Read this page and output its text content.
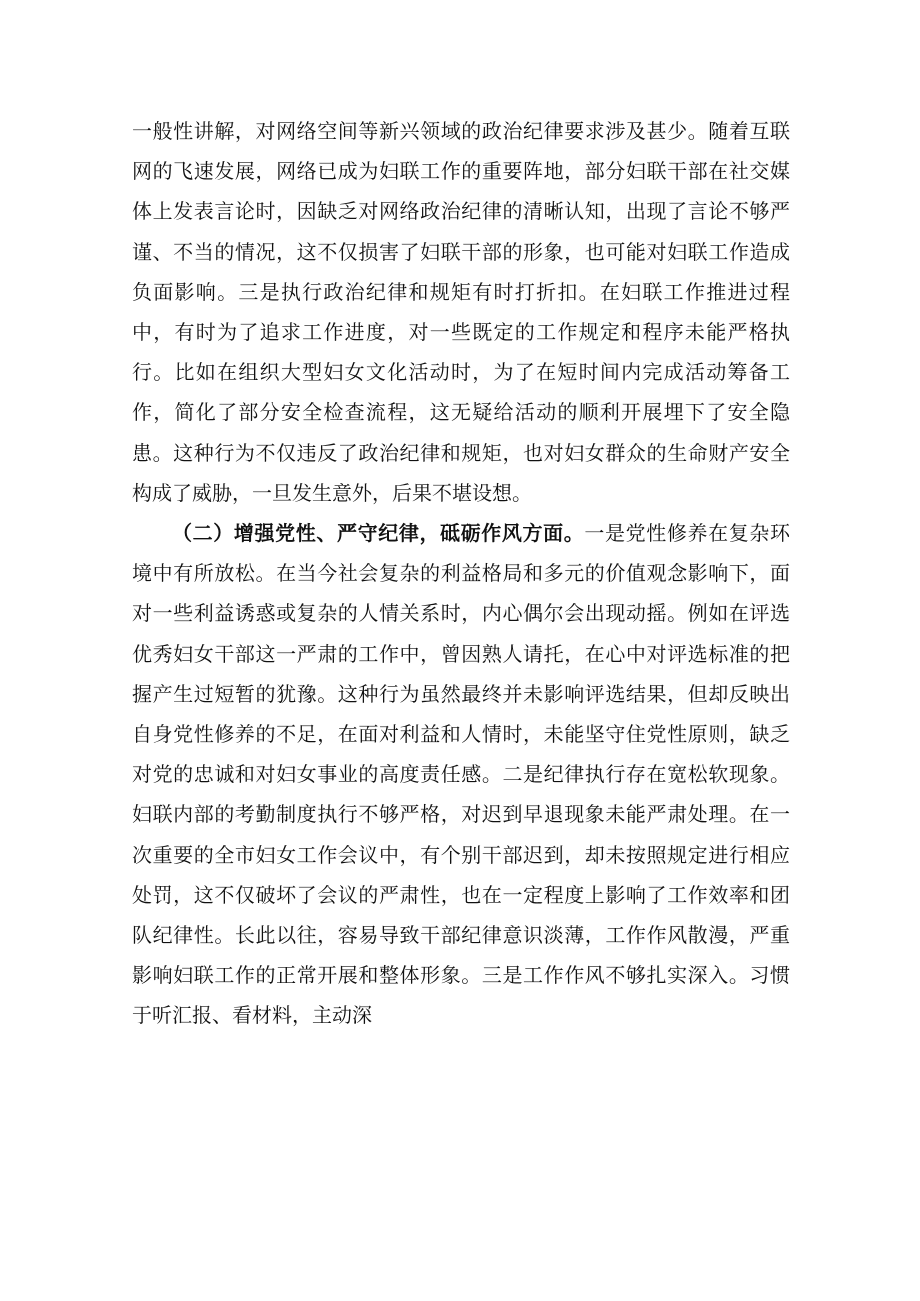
一般性讲解，对网络空间等新兴领域的政治纪律要求涉及甚少。随着互联网的飞速发展，网络已成为妇联工作的重要阵地，部分妇联干部在社交媒体上发表言论时，因缺乏对网络政治纪律的清晰认知，出现了言论不够严谨、不当的情况，这不仅损害了妇联干部的形象，也可能对妇联工作造成负面影响。三是执行政治纪律和规矩有时打折扣。在妇联工作推进过程中，有时为了追求工作进度，对一些既定的工作规定和程序未能严格执行。比如在组织大型妇女文化活动时，为了在短时间内完成活动筹备工作，简化了部分安全检查流程，这无疑给活动的顺利开展埋下了安全隐患。这种行为不仅违反了政治纪律和规矩，也对妇女群众的生命财产安全构成了威胁，一旦发生意外，后果不堪设想。

（二）增强党性、严守纪律，砥砺作风方面。一是党性修养在复杂环境中有所放松。在当今社会复杂的利益格局和多元的价值观念影响下，面对一些利益诱惑或复杂的人情关系时，内心偶尔会出现动摇。例如在评选优秀妇女干部这一严肃的工作中，曾因熟人请托，在心中对评选标准的把握产生过短暂的犹豫。这种行为虽然最终并未影响评选结果，但却反映出自身党性修养的不足，在面对利益和人情时，未能坚守住党性原则，缺乏对党的忠诚和对妇女事业的高度责任感。二是纪律执行存在宽松软现象。妇联内部的考勤制度执行不够严格，对迟到早退现象未能严肃处理。在一次重要的全市妇女工作会议中，有个别干部迟到，却未按照规定进行相应处罚，这不仅破坏了会议的严肃性，也在一定程度上影响了工作效率和团队纪律性。长此以往，容易导致干部纪律意识淡薄，工作作风散漫，严重影响妇联工作的正常开展和整体形象。三是工作作风不够扎实深入。习惯于听汇报、看材料，主动深
